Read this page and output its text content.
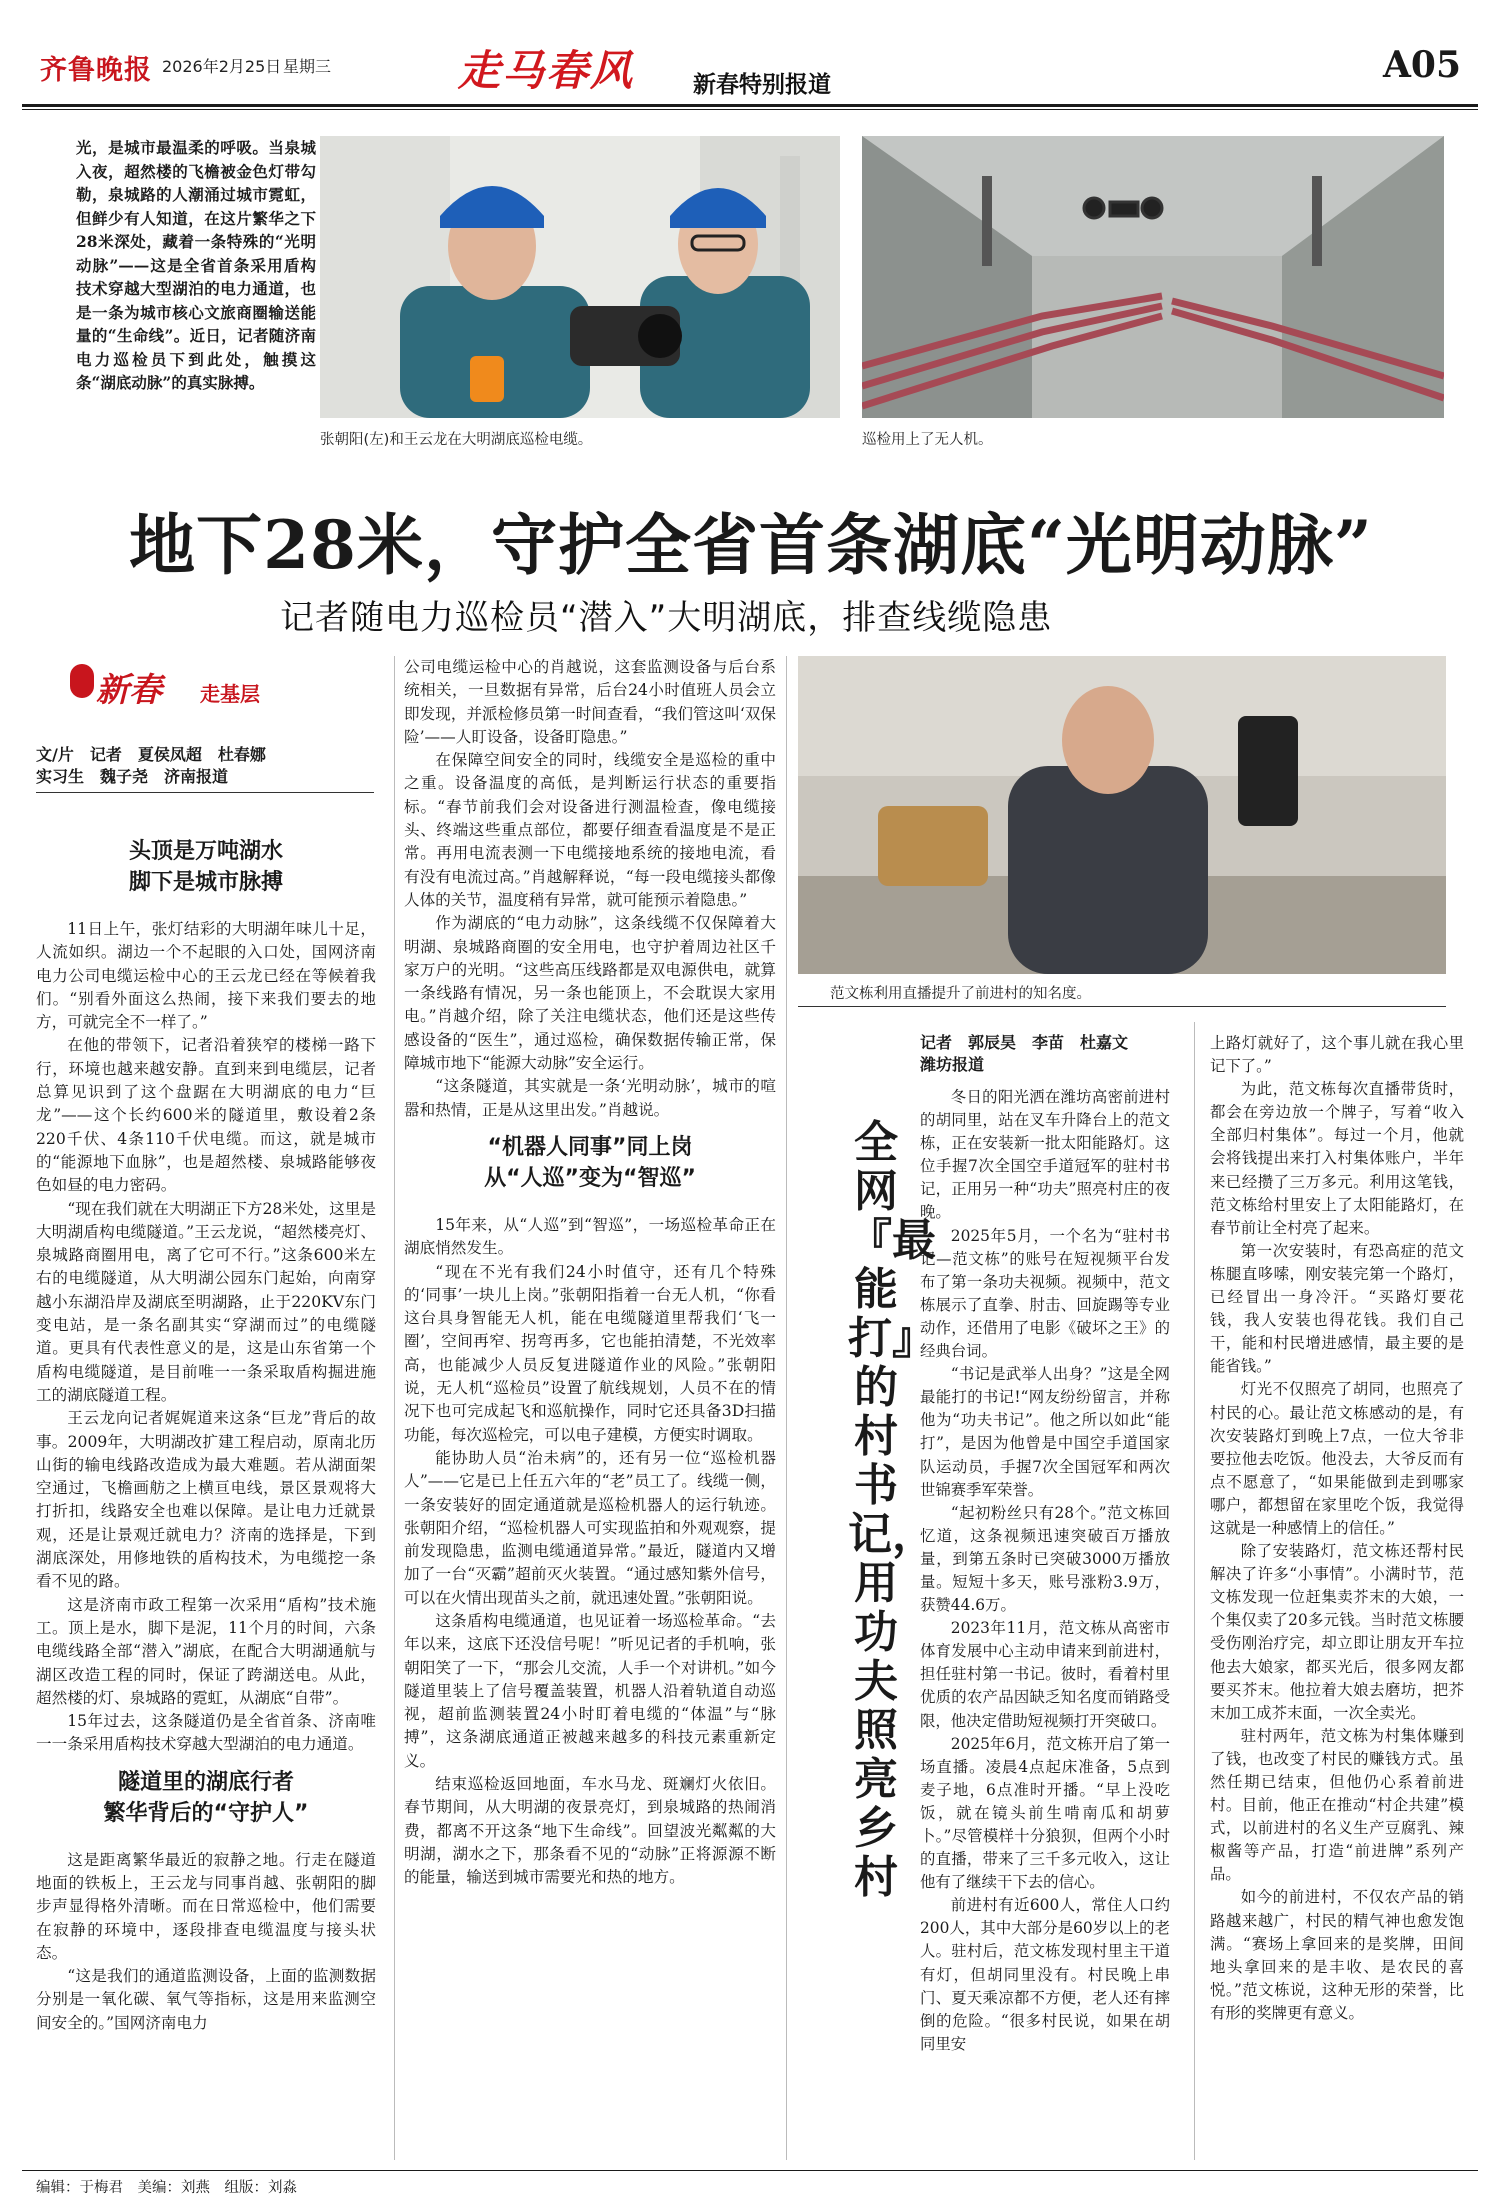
齐鲁晚报 2026年2月25日 星期三	走马春风	新春特别报道	A05
光，是城市最温柔的呼吸。当泉城入夜，超然楼的飞檐被金色灯带勾勒，泉城路的人潮涌过城市霓虹，但鲜少有人知道，在这片繁华之下28米深处，藏着一条特殊的“光明动脉”——这是全省首条采用盾构技术穿越大型湖泊的电力通道，也是一条为城市核心文旅商圈输送能量的“生命线”。近日，记者随济南电力巡检员下到此处，触摸这条“湖底动脉”的真实脉搏。
张朝阳(左)和王云龙在大明湖底巡检电缆。	巡检用上了无人机。
地下28米，守护全省首条湖底“光明动脉”
记者随电力巡检员“潜入”大明湖底，排查线缆隐患
新春 走基层
文/片　记者　夏侯凤超　杜春娜
实习生　魏子尧　济南报道
头顶是万吨湖水
脚下是城市脉搏

11日上午，张灯结彩的大明湖年味儿十足，人流如织。湖边一个不起眼的入口处，国网济南电力公司电缆运检中心的王云龙已经在等候着我们。“别看外面这么热闹，接下来我们要去的地方，可就完全不一样了。”

在他的带领下，记者沿着狭窄的楼梯一路下行，环境也越来越安静。直到来到电缆层，记者总算见识到了这个盘踞在大明湖底的电力“巨龙”——这个长约600米的隧道里，敷设着2条220千伏、4条110千伏电缆。而这，就是城市的“能源地下血脉”，也是超然楼、泉城路能够夜色如昼的电力密码。

“现在我们就在大明湖正下方28米处，这里是大明湖盾构电缆隧道。”王云龙说，“超然楼亮灯、泉城路商圈用电，离了它可不行。”这条600米左右的电缆隧道，从大明湖公园东门起始，向南穿越小东湖沿岸及湖底至明湖路，止于220KV东门变电站，是一条名副其实“穿湖而过”的电缆隧道。更具有代表性意义的是，这是山东省第一个盾构电缆隧道，是目前唯一一条采取盾构掘进施工的湖底隧道工程。

王云龙向记者娓娓道来这条“巨龙”背后的故事。2009年，大明湖改扩建工程启动，原南北历山街的输电线路改造成为最大难题。若从湖面架空通过，飞檐画舫之上横亘电线，景区景观将大打折扣，线路安全也难以保障。是让电力迁就景观，还是让景观迁就电力？济南的选择是，下到湖底深处，用修地铁的盾构技术，为电缆挖一条看不见的路。

这是济南市政工程第一次采用“盾构”技术施工。顶上是水，脚下是泥，11个月的时间，六条电缆线路全部“潜入”湖底，在配合大明湖通航与湖区改造工程的同时，保证了跨湖送电。从此，超然楼的灯、泉城路的霓虹，从湖底“自带”。

15年过去，这条隧道仍是全省首条、济南唯一一条采用盾构技术穿越大型湖泊的电力通道。

隧道里的湖底行者
繁华背后的“守护人”

这是距离繁华最近的寂静之地。行走在隧道地面的铁板上，王云龙与同事肖越、张朝阳的脚步声显得格外清晰。而在日常巡检中，他们需要在寂静的环境中，逐段排查电缆温度与接头状态。

“这是我们的通道监测设备，上面的监测数据分别是一氧化碳、氧气等指标，这是用来监测空间安全的。”国网济南电力

公司电缆运检中心的肖越说，这套监测设备与后台系统相关，一旦数据有异常，后台24小时值班人员会立即发现，并派检修员第一时间查看，“我们管这叫‘双保险’——人盯设备，设备盯隐患。”

在保障空间安全的同时，线缆安全是巡检的重中之重。设备温度的高低，是判断运行状态的重要指标。“春节前我们会对设备进行测温检查，像电缆接头、终端这些重点部位，都要仔细查看温度是不是正常。再用电流表测一下电缆接地系统的接地电流，看有没有电流过高。”肖越解释说，“每一段电缆接头都像人体的关节，温度稍有异常，就可能预示着隐患。”

作为湖底的“电力动脉”，这条线缆不仅保障着大明湖、泉城路商圈的安全用电，也守护着周边社区千家万户的光明。“这些高压线路都是双电源供电，就算一条线路有情况，另一条也能顶上，不会耽误大家用电。”肖越介绍，除了关注电缆状态，他们还是这些传感设备的“医生”，通过巡检，确保数据传输正常，保障城市地下“能源大动脉”安全运行。

“这条隧道，其实就是一条‘光明动脉’，城市的喧嚣和热情，正是从这里出发。”肖越说。

“机器人同事”同上岗
从“人巡”变为“智巡”

15年来，从“人巡”到“智巡”，一场巡检革命正在湖底悄然发生。

“现在不光有我们24小时值守，还有几个特殊的‘同事’一块儿上岗。”张朝阳指着一台无人机，“你看这台具身智能无人机，能在电缆隧道里帮我们‘飞一圈’，空间再窄、拐弯再多，它也能拍清楚，不光效率高，也能减少人员反复进隧道作业的风险。”张朝阳说，无人机“巡检员”设置了航线规划，人员不在的情况下也可完成起飞和巡航操作，同时它还具备3D扫描功能，每次巡检完，可以电子建模，方便实时调取。

能协助人员“治未病”的，还有另一位“巡检机器人”——它是已上任五六年的“老”员工了。线缆一侧，一条安装好的固定通道就是巡检机器人的运行轨迹。张朝阳介绍，“巡检机器人可实现监拍和外观观察，提前发现隐患，监测电缆通道异常。”最近，隧道内又增加了一台“灭霸”超前灭火装置。“通过感知紫外信号，可以在火情出现苗头之前，就迅速处置。”张朝阳说。

这条盾构电缆通道，也见证着一场巡检革命。“去年以来，这底下还没信号呢！”听见记者的手机响，张朝阳笑了一下，“那会儿交流，人手一个对讲机。”如今隧道里装上了信号覆盖装置，机器人沿着轨道自动巡视，超前监测装置24小时盯着电缆的“体温”与“脉搏”，这条湖底通道正被越来越多的科技元素重新定义。

结束巡检返回地面，车水马龙、斑斓灯火依旧。春节期间，从大明湖的夜景亮灯，到泉城路的热闹消费，都离不开这条“地下生命线”。回望波光粼粼的大明湖，湖水之下，那条看不见的“动脉”正将源源不断的能量，输送到城市需要光和热的地方。

范文栋利用直播提升了前进村的知名度。
记者　郭辰昊　李苗　杜嘉文
潍坊报道
全网『最能打』的村书记，用功夫照亮乡村

冬日的阳光洒在潍坊高密前进村的胡同里，站在叉车升降台上的范文栋，正在安装新一批太阳能路灯。这位手握7次全国空手道冠军的驻村书记，正用另一种“功夫”照亮村庄的夜晚。

2025年5月，一个名为“驻村书记—范文栋”的账号在短视频平台发布了第一条功夫视频。视频中，范文栋展示了直拳、肘击、回旋踢等专业动作，还借用了电影《破坏之王》的经典台词。

“书记是武举人出身？”这是全网最能打的书记!“网友纷纷留言，并称他为“功夫书记”。他之所以如此“能打”，是因为他曾是中国空手道国家队运动员，手握7次全国冠军和两次世锦赛季军荣誉。

“起初粉丝只有28个。”范文栋回忆道，这条视频迅速突破百万播放量，到第五条时已突破3000万播放量。短短十多天，账号涨粉3.9万，获赞44.6万。

2023年11月，范文栋从高密市体育发展中心主动申请来到前进村，担任驻村第一书记。彼时，看着村里优质的农产品因缺乏知名度而销路受限，他决定借助短视频打开突破口。

2025年6月，范文栋开启了第一场直播。凌晨4点起床准备，5点到麦子地，6点准时开播。“早上没吃饭，就在镜头前生啃南瓜和胡萝卜。”尽管模样十分狼狈，但两个小时的直播，带来了三千多元收入，这让他有了继续干下去的信心。

前进村有近600人，常住人口约200人，其中大部分是60岁以上的老人。驻村后，范文栋发现村里主干道有灯，但胡同里没有。村民晚上串门、夏天乘凉都不方便，老人还有摔倒的危险。“很多村民说，如果在胡同里安

上路灯就好了，这个事儿就在我心里记下了。”

为此，范文栋每次直播带货时，都会在旁边放一个牌子，写着“收入全部归村集体”。每过一个月，他就会将钱提出来打入村集体账户，半年来已经攒了三万多元。利用这笔钱，范文栋给村里安上了太阳能路灯，在春节前让全村亮了起来。

第一次安装时，有恐高症的范文栋腿直哆嗦，刚安装完第一个路灯，已经冒出一身冷汗。“买路灯要花钱，我人安装也得花钱。我们自己干，能和村民增进感情，最主要的是能省钱。”

灯光不仅照亮了胡同，也照亮了村民的心。最让范文栋感动的是，有次安装路灯到晚上7点，一位大爷非要拉他去吃饭。他没去，大爷反而有点不愿意了，“如果能做到走到哪家哪户，都想留在家里吃个饭，我觉得这就是一种感情上的信任。”

除了安装路灯，范文栋还帮村民解决了许多“小事情”。小满时节，范文栋发现一位赶集卖芥末的大娘，一个集仅卖了20多元钱。当时范文栋腰受伤刚治疗完，却立即让朋友开车拉他去大娘家，都买光后，很多网友都要买芥末。他拉着大娘去磨坊，把芥末加工成芥末面，一次全卖光。

驻村两年，范文栋为村集体赚到了钱，也改变了村民的赚钱方式。虽然任期已结束，但他仍心系着前进村。目前，他正在推动“村企共建”模式，以前进村的名义生产豆腐乳、辣椒酱等产品，打造“前进牌”系列产品。

如今的前进村，不仅农产品的销路越来越广，村民的精气神也愈发饱满。“赛场上拿回来的是奖牌，田间地头拿回来的是丰收、是农民的喜悦。”范文栋说，这种无形的荣誉，比有形的奖牌更有意义。

编辑：于梅君　美编：刘燕　组版：刘淼
